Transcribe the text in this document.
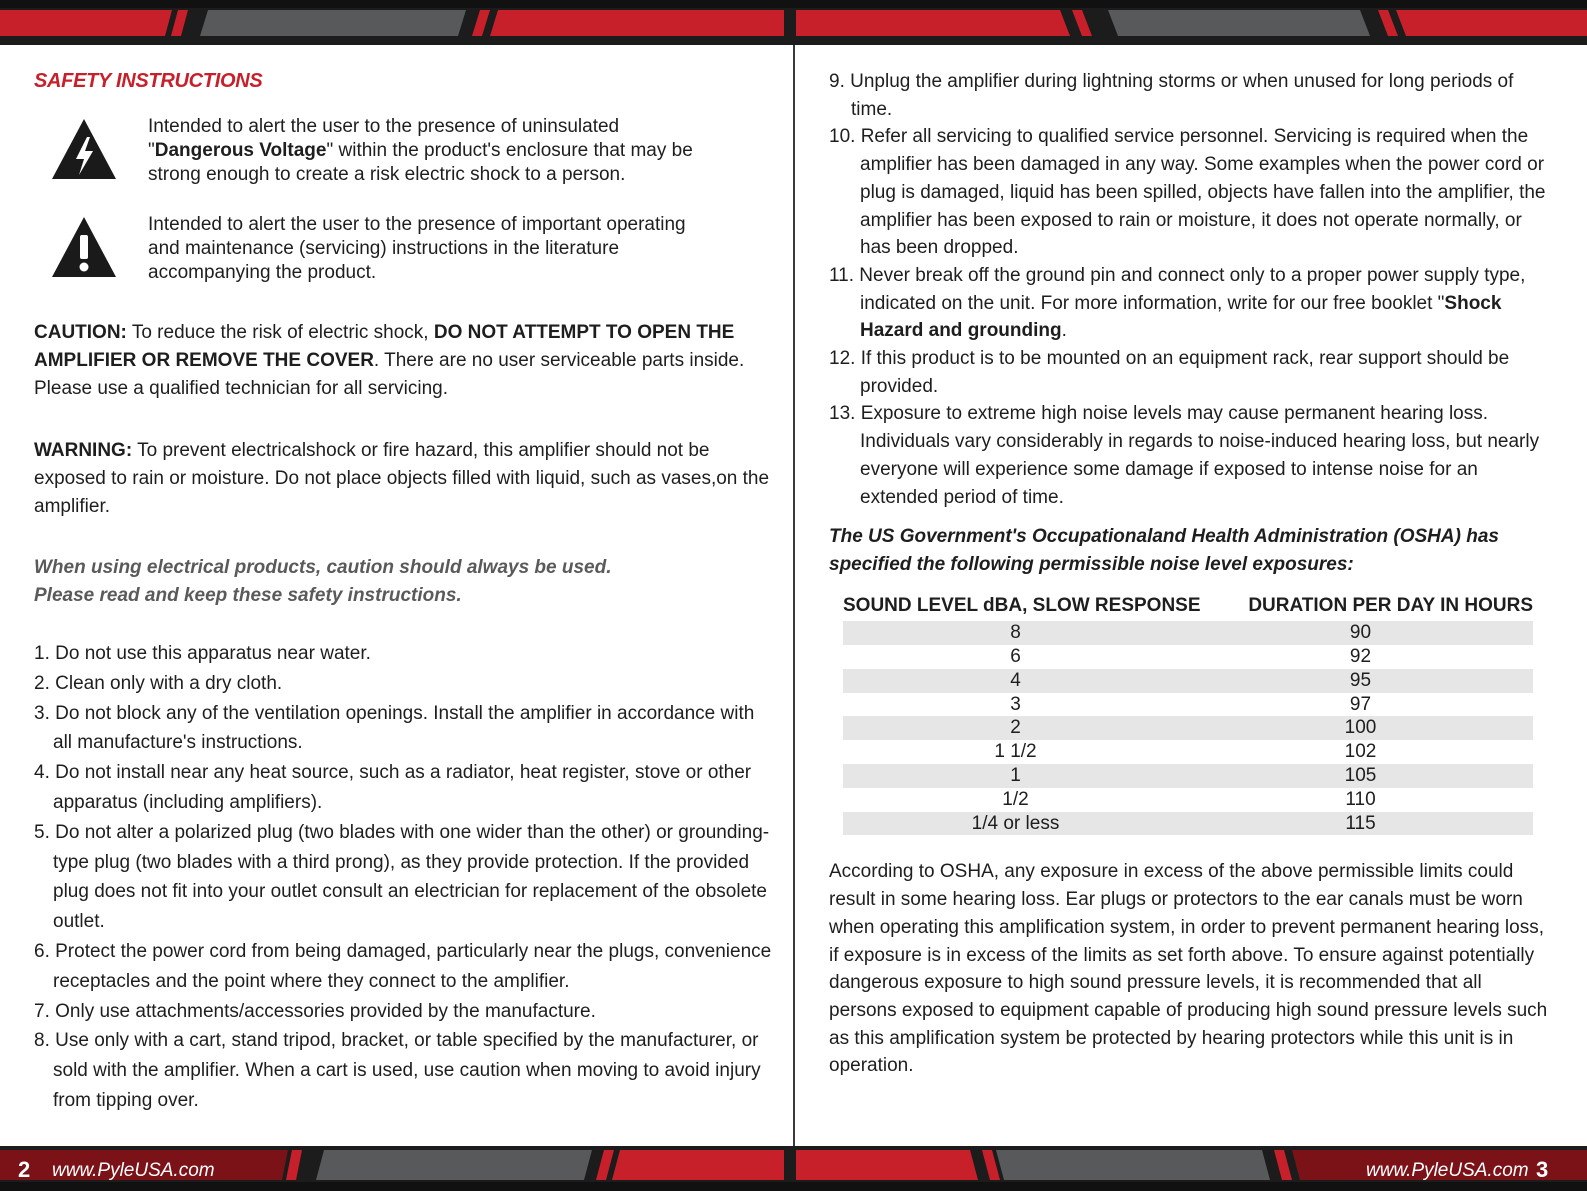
SAFETY INSTRUCTIONS
Intended to alert the user to the presence of uninsulated "Dangerous Voltage" within the product's enclosure that may be strong enough to create a risk electric shock to a person.
Intended to alert the user to the presence of important operating and maintenance (servicing) instructions in the literature accompanying the product.
CAUTION: To reduce the risk of electric shock, DO NOT ATTEMPT TO OPEN THE AMPLIFIER OR REMOVE THE COVER. There are no user serviceable parts inside. Please use a qualified technician for all servicing.
WARNING: To prevent electricalshock or fire hazard, this amplifier should not be exposed to rain or moisture. Do not place objects filled with liquid, such as vases,on the amplifier.
When using electrical products, caution should always be used.
Please read and keep these safety instructions.
1. Do not use this apparatus near water.
2. Clean only with a dry cloth.
3. Do not block any of the ventilation openings. Install the amplifier in accordance with all manufacture's instructions.
4. Do not install near any heat source, such as a radiator, heat register, stove or other apparatus (including amplifiers).
5. Do not alter a polarized plug (two blades with one wider than the other) or grounding-type plug (two blades with a third prong), as they provide protection. If the provided plug does not fit into your outlet consult an electrician for replacement of the obsolete outlet.
6. Protect the power cord from being damaged, particularly near the plugs, convenience receptacles and the point where they connect to the amplifier.
7. Only use attachments/accessories provided by the manufacture.
8. Use only with a cart, stand tripod, bracket, or table specified by the manufacturer, or sold with the amplifier. When a cart is used, use caution when moving to avoid injury from tipping over.
9. Unplug the amplifier during lightning storms or when unused for long periods of time.
10. Refer all servicing to qualified service personnel. Servicing is required when the amplifier has been damaged in any way. Some examples when the power cord or plug is damaged, liquid has been spilled, objects have fallen into the amplifier, the amplifier has been exposed to rain or moisture, it does not operate normally, or has been dropped.
11. Never break off the ground pin and connect only to a proper power supply type, indicated on the unit. For more information, write for our free booklet "Shock Hazard and grounding.
12. If this product is to be mounted on an equipment rack, rear support should be provided.
13. Exposure to extreme high noise levels may cause permanent hearing loss. Individuals vary considerably in regards to noise-induced hearing loss, but nearly everyone will experience some damage if exposed to intense noise for an extended period of time.
The US Government's Occupationaland Health Administration (OSHA) has specified the following permissible noise level exposures:
SOUND LEVEL dBA, SLOW RESPONSE	DURATION PER DAY IN HOURS
8	90
6	92
4	95
3	97
2	100
1 1/2	102
1	105
1/2	110
1/4 or less	115
According to OSHA, any exposure in excess of the above permissible limits could result in some hearing loss. Ear plugs or protectors to the ear canals must be worn when operating this amplification system, in order to prevent permanent hearing loss, if exposure is in excess of the limits as set forth above. To ensure against potentially dangerous exposure to high sound pressure levels, it is recommended that all persons exposed to equipment capable of producing high sound pressure levels such as this amplification system be protected by hearing protectors while this unit is in operation.
2 www.PyleUSA.com	www.PyleUSA.com 3
